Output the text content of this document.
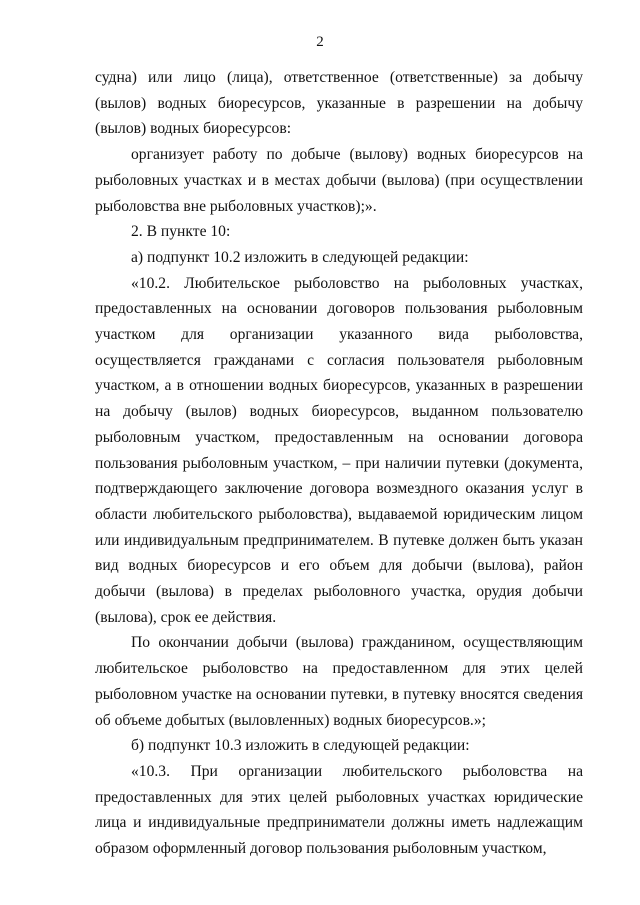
2

судна) или лицо (лица), ответственное (ответственные) за добычу (вылов) водных биоресурсов, указанные в разрешении на добычу (вылов) водных биоресурсов:

организует работу по добыче (вылову) водных биоресурсов на рыболовных участках и в местах добычи (вылова) (при осуществлении рыболовства вне рыболовных участков);».

2. В пункте 10:

а) подпункт 10.2 изложить в следующей редакции:

«10.2. Любительское рыболовство на рыболовных участках, предоставленных на основании договоров пользования рыболовным участком для организации указанного вида рыболовства, осуществляется гражданами с согласия пользователя рыболовным участком, а в отношении водных биоресурсов, указанных в разрешении на добычу (вылов) водных биоресурсов, выданном пользователю рыболовным участком, предоставленным на основании договора пользования рыболовным участком, – при наличии путевки (документа, подтверждающего заключение договора возмездного оказания услуг в области любительского рыболовства), выдаваемой юридическим лицом или индивидуальным предпринимателем. В путевке должен быть указан вид водных биоресурсов и его объем для добычи (вылова), район добычи (вылова) в пределах рыболовного участка, орудия добычи (вылова), срок ее действия.

По окончании добычи (вылова) гражданином, осуществляющим любительское рыболовство на предоставленном для этих целей рыболовном участке на основании путевки, в путевку вносятся сведения об объеме добытых (выловленных) водных биоресурсов.»;

б) подпункт 10.3 изложить в следующей редакции:

«10.3. При организации любительского рыболовства на предоставленных для этих целей рыболовных участках юридические лица и индивидуальные предприниматели должны иметь надлежащим образом оформленный договор пользования рыболовным участком,
